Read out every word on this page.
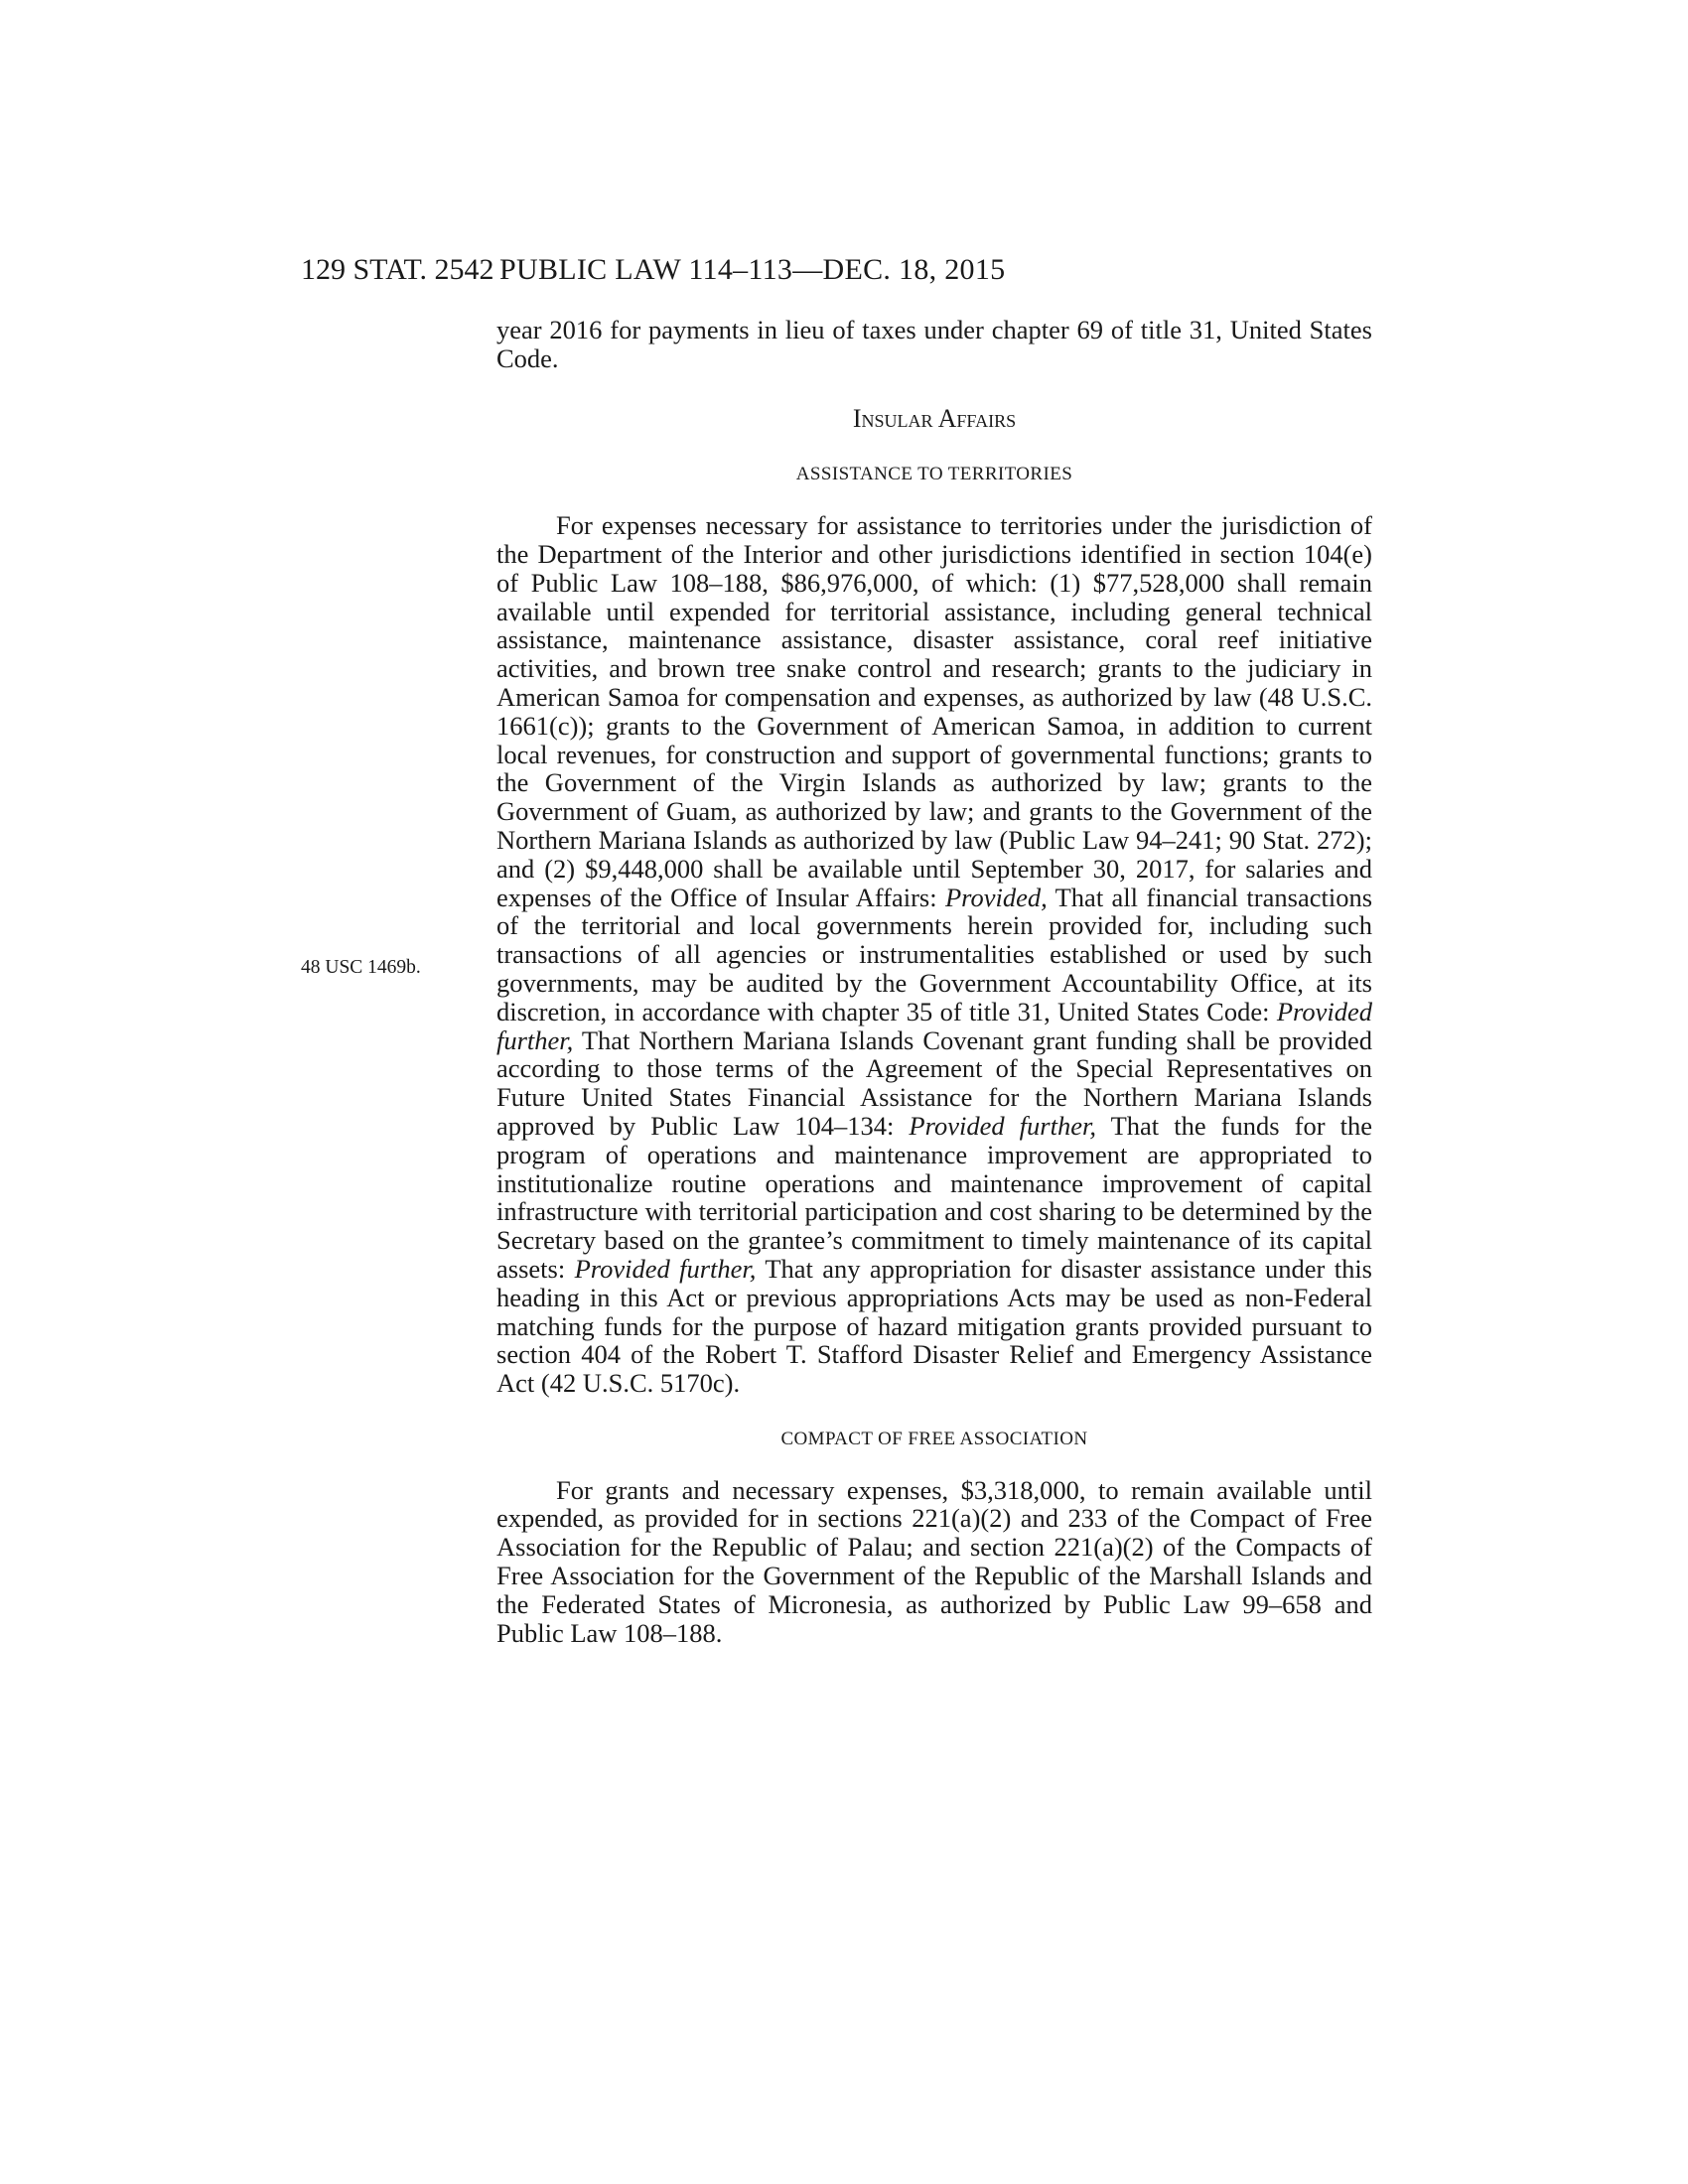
129 STAT. 2542 PUBLIC LAW 114–113—DEC. 18, 2015
48 USC 1469b.

year 2016 for payments in lieu of taxes under chapter 69 of title 31, United States Code.

Insular Affairs
ASSISTANCE TO TERRITORIES

For expenses necessary for assistance to territories under the jurisdiction of the Department of the Interior and other jurisdictions identified in section 104(e) of Public Law 108–188, $86,976,000, of which: (1) $77,528,000 shall remain available until expended for territorial assistance, including general technical assistance, maintenance assistance, disaster assistance, coral reef initiative activities, and brown tree snake control and research; grants to the judiciary in American Samoa for compensation and expenses, as authorized by law (48 U.S.C. 1661(c)); grants to the Government of American Samoa, in addition to current local revenues, for construction and support of governmental functions; grants to the Government of the Virgin Islands as authorized by law; grants to the Government of Guam, as authorized by law; and grants to the Government of the Northern Mariana Islands as authorized by law (Public Law 94–241; 90 Stat. 272); and (2) $9,448,000 shall be available until September 30, 2017, for salaries and expenses of the Office of Insular Affairs: Provided, That all financial transactions of the territorial and local governments herein provided for, including such transactions of all agencies or instrumentalities established or used by such governments, may be audited by the Government Accountability Office, at its discretion, in accordance with chapter 35 of title 31, United States Code: Provided further, That Northern Mariana Islands Covenant grant funding shall be provided according to those terms of the Agreement of the Special Representatives on Future United States Financial Assistance for the Northern Mariana Islands approved by Public Law 104–134: Provided further, That the funds for the program of operations and maintenance improvement are appropriated to institutionalize routine operations and maintenance improvement of capital infrastructure with territorial participation and cost sharing to be determined by the Secretary based on the grantee’s commitment to timely maintenance of its capital assets: Provided further, That any appropriation for disaster assistance under this heading in this Act or previous appropriations Acts may be used as non-Federal matching funds for the purpose of hazard mitigation grants provided pursuant to section 404 of the Robert T. Stafford Disaster Relief and Emergency Assistance Act (42 U.S.C. 5170c).

COMPACT OF FREE ASSOCIATION

For grants and necessary expenses, $3,318,000, to remain available until expended, as provided for in sections 221(a)(2) and 233 of the Compact of Free Association for the Republic of Palau; and section 221(a)(2) of the Compacts of Free Association for the Government of the Republic of the Marshall Islands and the Federated States of Micronesia, as authorized by Public Law 99–658 and Public Law 108–188.
